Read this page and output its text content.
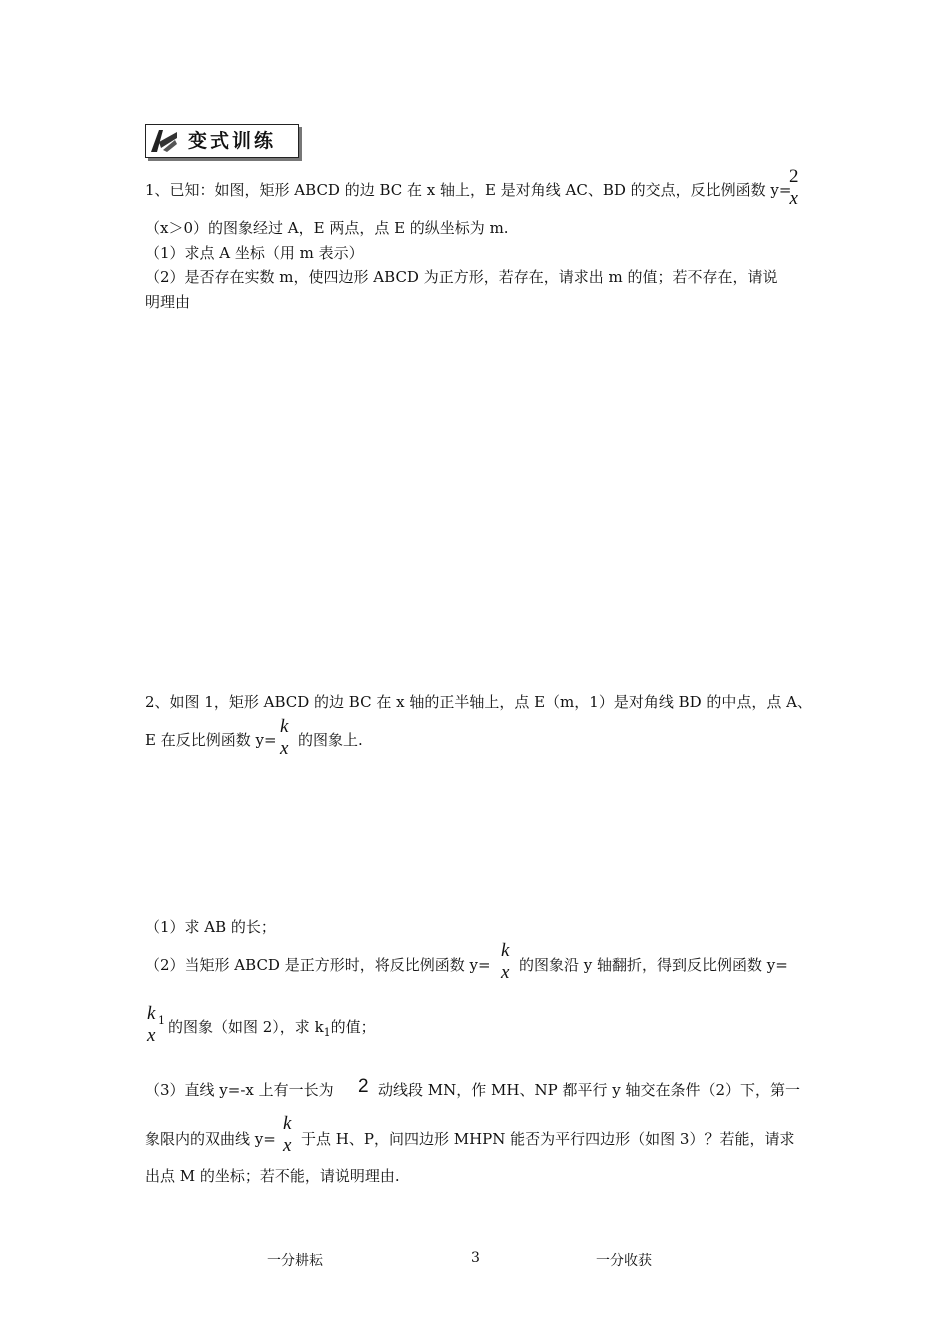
变式训练
1、已知：如图，矩形 ABCD 的边 BC 在 x 轴上，E 是对角线 AC、BD 的交点，反比例函数 y=
2
x
（x＞0）的图象经过 A，E 两点，点 E 的纵坐标为 m.
（1）求点 A 坐标（用 m 表示）
（2）是否存在实数 m，使四边形 ABCD 为正方形，若存在，请求出 m 的值；若不存在，请说
明理由
2、如图 1，矩形 ABCD 的边 BC 在 x 轴的正半轴上，点 E（m，1）是对角线 BD 的中点，点 A、
E 在反比例函数 y=
k
x 的图象上.
（1）求 AB 的长；
（2）当矩形 ABCD 是正方形时，将反比例函数 y=
k
x 的图象沿 y 轴翻折，得到反比例函数 y=
k
x
1 的图象（如图 2），求 $k_1$的值；
（3）直线 y=-x 上有一长为 2 动线段 MN，作 MH、NP 都平行 y 轴交在条件（2）下，第一
象限内的双曲线 y=
k
x 于点 H、P，问四边形 MHPN 能否为平行四边形（如图 3）？若能，请求
出点 M 的坐标；若不能，请说明理由.
一分耕耘	3	一分收获
